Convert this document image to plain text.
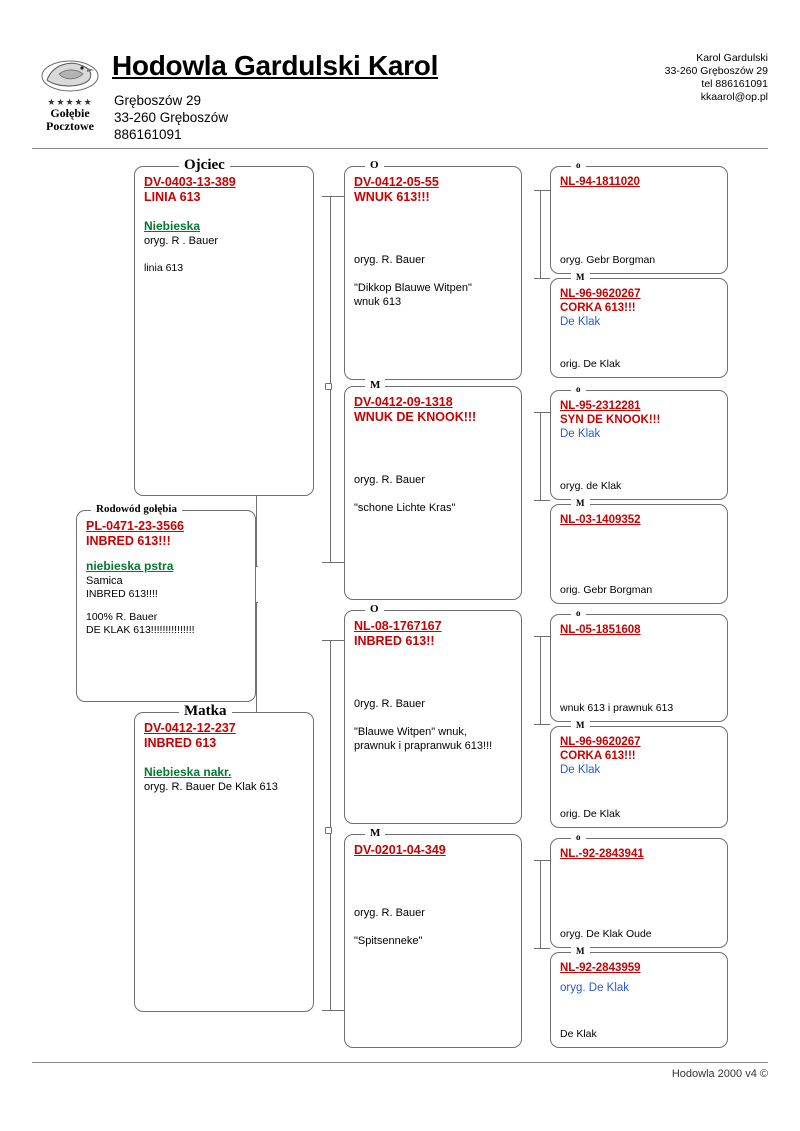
★★★★★
Gołębie
Pocztowe
Hodowla Gardulski Karol
Gręboszów 29
33-260 Gręboszów
886161091
Karol Gardulski
33-260 Gręboszów 29
tel 886161091
kkaarol@op.pl
Rodowód gołębia
PL-0471-23-3566
INBRED 613!!!
niebieska pstra
Samica
INBRED 613!!!!
100% R. Bauer
DE KLAK 613!!!!!!!!!!!!!!!
Ojciec
DV-0403-13-389
LINIA 613
Niebieska
oryg. R . Bauer
linia 613
Matka
DV-0412-12-237
INBRED 613
Niebieska nakr.
oryg. R. Bauer De Klak 613
O
DV-0412-05-55
WNUK 613!!!
oryg. R. Bauer
"Dikkop Blauwe Witpen"
wnuk 613
M
DV-0412-09-1318
WNUK DE KNOOK!!!
oryg. R. Bauer
"schone Lichte Kras"
O
NL-08-1767167
INBRED 613!!
0ryg. R. Bauer
"Blauwe Witpen" wnuk,
prawnuk i prapranwuk 613!!!
M
DV-0201-04-349
oryg. R. Bauer
"Spitsenneke"
o
NL-94-1811020
oryg. Gebr Borgman
M
NL-96-9620267
CORKA 613!!!
De Klak
orig. De Klak
o
NL-95-2312281
SYN DE KNOOK!!!
De Klak
oryg. de Klak
M
NL-03-1409352
orig. Gebr Borgman
o
NL-05-1851608
wnuk 613 i prawnuk 613
M
NL-96-9620267
CORKA 613!!!
De Klak
orig. De Klak
o
NL.-92-2843941
oryg. De Klak Oude
M
NL-92-2843959
oryg. De Klak
De Klak
Hodowla 2000 v4 ©
